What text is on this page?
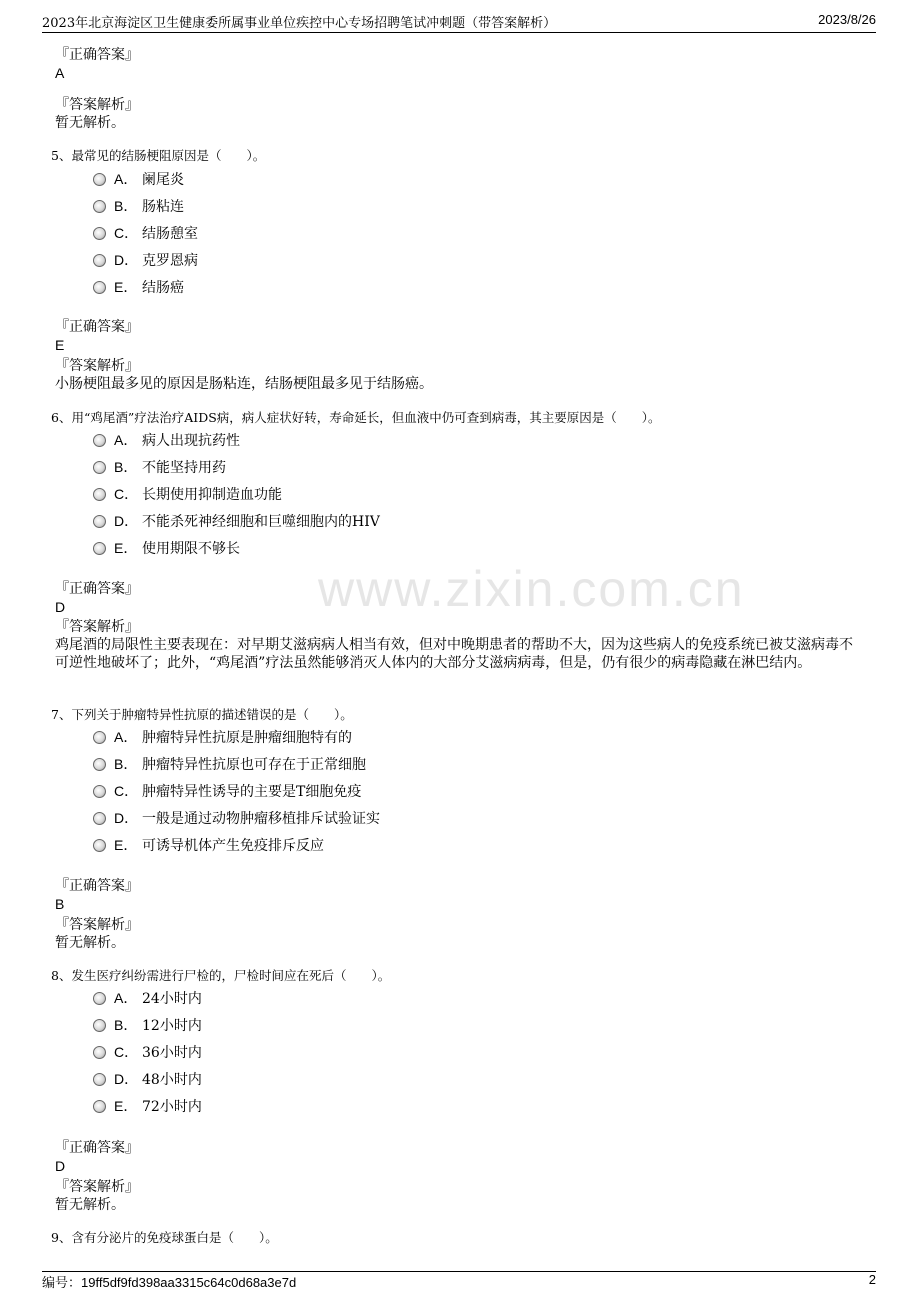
2023年北京海淀区卫生健康委所属事业单位疾控中心专场招聘笔试冲刺题（带答案解析）	2023/8/26
www.zixin.com.cn
『正确答案』
A
『答案解析』
暂无解析。
5、最常见的结肠梗阻原因是（　　）。
A． 阑尾炎
B． 肠粘连
C． 结肠憩室
D． 克罗恩病
E． 结肠癌
『正确答案』
E
『答案解析』
小肠梗阻最多见的原因是肠粘连，结肠梗阻最多见于结肠癌。
6、用“鸡尾酒”疗法治疗AIDS病，病人症状好转，寿命延长，但血液中仍可查到病毒，其主要原因是（　　）。
A． 病人出现抗药性
B． 不能坚持用药
C． 长期使用抑制造血功能
D． 不能杀死神经细胞和巨噬细胞内的HIV
E． 使用期限不够长
『正确答案』
D
『答案解析』
鸡尾酒的局限性主要表现在：对早期艾滋病病人相当有效，但对中晚期患者的帮助不大，因为这些病人的免疫系统已被艾滋病毒不可逆性地破坏了；此外，“鸡尾酒”疗法虽然能够消灭人体内的大部分艾滋病病毒，但是，仍有很少的病毒隐藏在淋巴结内。
7、下列关于肿瘤特异性抗原的描述错误的是（　　）。
A． 肿瘤特异性抗原是肿瘤细胞特有的
B． 肿瘤特异性抗原也可存在于正常细胞
C． 肿瘤特异性诱导的主要是T细胞免疫
D． 一般是通过动物肿瘤移植排斥试验证实
E． 可诱导机体产生免疫排斥反应
『正确答案』
B
『答案解析』
暂无解析。
8、发生医疗纠纷需进行尸检的，尸检时间应在死后（　　）。
A． 24小时内
B． 12小时内
C． 36小时内
D． 48小时内
E． 72小时内
『正确答案』
D
『答案解析』
暂无解析。
9、含有分泌片的免疫球蛋白是（　　）。
编号：19ff5df9fd398aa3315c64c0d68a3e7d	2
